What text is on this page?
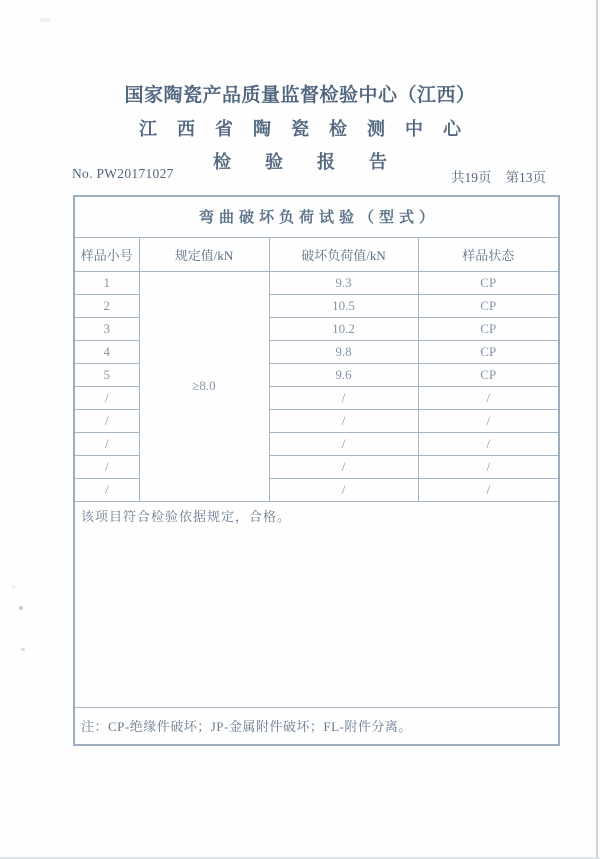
国家陶瓷产品质量监督检验中心（江西）
江西省陶瓷检测中心
检验报告
No. PW20171027	共19页 第13页
弯曲破坏负荷试验（型式）			
样品小号	规定值/kN	破坏负荷值/kN	样品状态
1	≥8.0	9.3	CP
2		10.5	CP
3		10.2	CP
4		9.8	CP
5		9.6	CP
/		/	/
/		/	/
/		/	/
/		/	/
/		/	/
该项目符合检验依据规定，合格。			
注：CP-绝缘件破坏；JP-金属附件破坏；FL-附件分离。			
